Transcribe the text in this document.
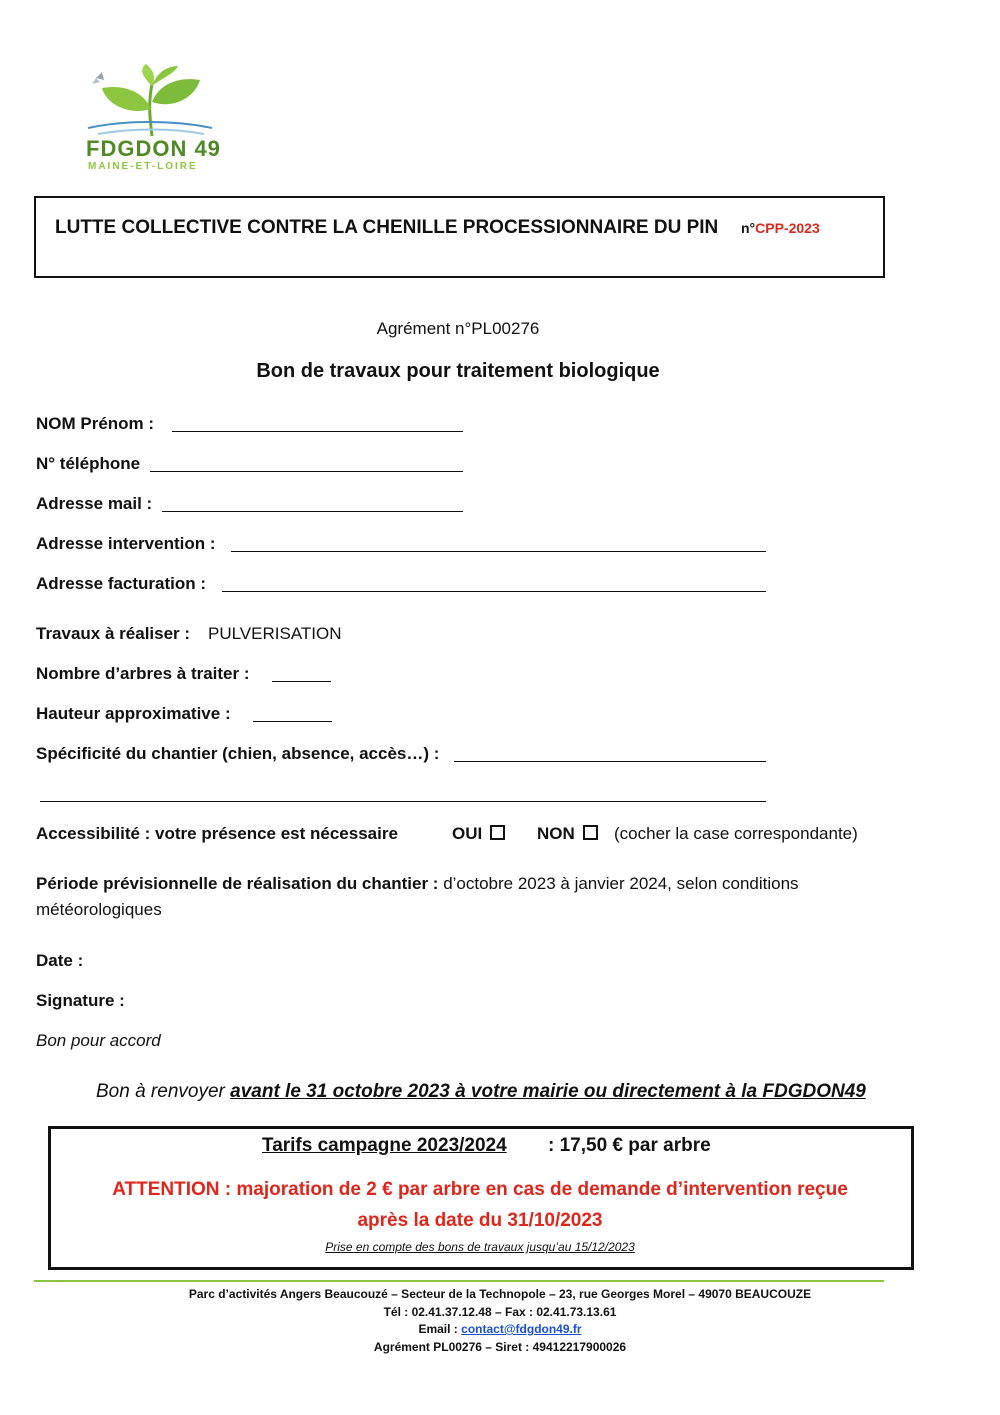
FDGDON 49
MAINE-ET-LOIRE
LUTTE COLLECTIVE CONTRE LA CHENILLE PROCESSIONNAIRE DU PIN n°CPP-2023
Agrément n°PL00276
Bon de travaux pour traitement biologique
NOM Prénom :
N° téléphone
Adresse mail :
Adresse intervention :
Adresse facturation :
Travaux à réaliser : PULVERISATION
Nombre d’arbres à traiter :
Hauteur approximative :
Spécificité du chantier (chien, absence, accès…) :
Accessibilité : votre présence est nécessaire	OUI	NON	(cocher la case correspondante)
Période prévisionnelle de réalisation du chantier : d’octobre 2023 à janvier 2024, selon conditions
météorologiques
Date :
Signature :
Bon pour accord
Bon à renvoyer avant le 31 octobre 2023 à votre mairie ou directement à la FDGDON49
Tarifs campagne 2023/2024 : 17,50 € par arbre
ATTENTION : majoration de 2 € par arbre en cas de demande d’intervention reçue
après la date du 31/10/2023
Prise en compte des bons de travaux jusqu’au 15/12/2023
Parc d’activités Angers Beaucouzé – Secteur de la Technopole – 23, rue Georges Morel – 49070 BEAUCOUZE
Tél : 02.41.37.12.48 – Fax : 02.41.73.13.61
Email : contact@fdgdon49.fr
Agrément PL00276 – Siret : 49412217900026
